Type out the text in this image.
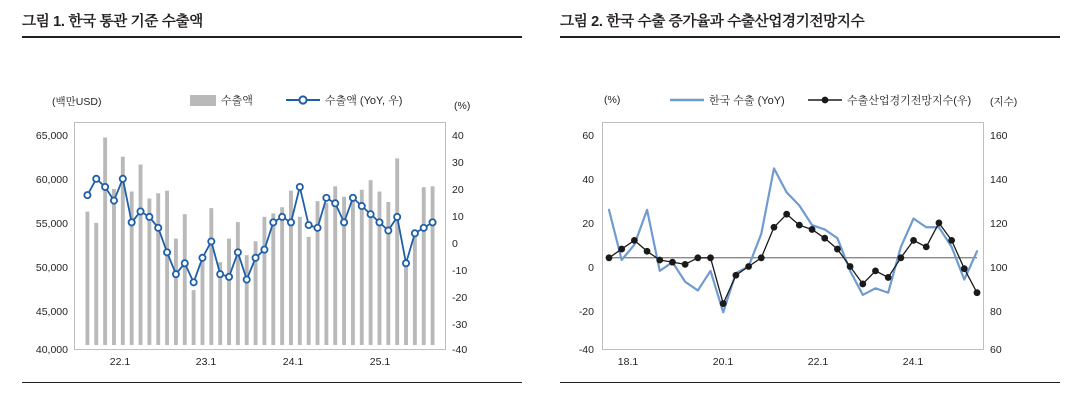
그림 1. 한국 통관 기준 수출액
(백만USD)	(%)
수출액	수출액 (YoY, 우)
65,000
60,000
55,000
50,000
45,000
40,000
40
30
20
10
0
-10
-20
-30
-40
22.1	23.1	24.1	25.1
그림 2. 한국 수출 증가율과 수출산업경기전망지수
(%)	(지수)
한국 수출 (YoY)	수출산업경기전망지수(우)
60
40
20
0
-20
-40
160
140
120
100
80
60
18.1	20.1	22.1	24.1
